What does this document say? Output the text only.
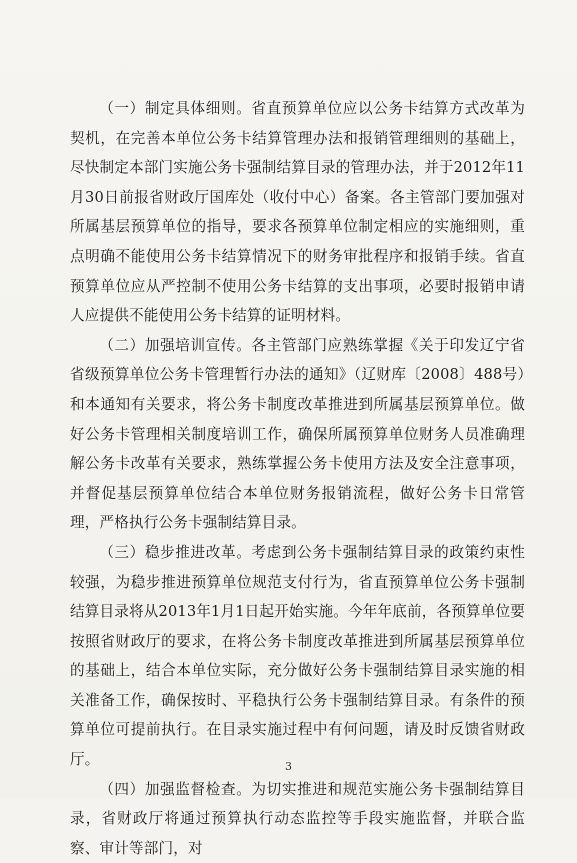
（一）制定具体细则。省直预算单位应以公务卡结算方式改革为契机，在完善本单位公务卡结算管理办法和报销管理细则的基础上，尽快制定本部门实施公务卡强制结算目录的管理办法，并于2012年11月30日前报省财政厅国库处（收付中心）备案。各主管部门要加强对所属基层预算单位的指导，要求各预算单位制定相应的实施细则，重点明确不能使用公务卡结算情况下的财务审批程序和报销手续。省直预算单位应从严控制不使用公务卡结算的支出事项，必要时报销申请人应提供不能使用公务卡结算的证明材料。

（二）加强培训宣传。各主管部门应熟练掌握《关于印发辽宁省省级预算单位公务卡管理暂行办法的通知》（辽财库〔2008〕488号）和本通知有关要求，将公务卡制度改革推进到所属基层预算单位。做好公务卡管理相关制度培训工作，确保所属预算单位财务人员准确理解公务卡改革有关要求，熟练掌握公务卡使用方法及安全注意事项，并督促基层预算单位结合本单位财务报销流程，做好公务卡日常管理，严格执行公务卡强制结算目录。

（三）稳步推进改革。考虑到公务卡强制结算目录的政策约束性较强，为稳步推进预算单位规范支付行为，省直预算单位公务卡强制结算目录将从2013年1月1日起开始实施。今年年底前，各预算单位要按照省财政厅的要求，在将公务卡制度改革推进到所属基层预算单位的基础上，结合本单位实际，充分做好公务卡强制结算目录实施的相关准备工作，确保按时、平稳执行公务卡强制结算目录。有条件的预算单位可提前执行。在目录实施过程中有何问题，请及时反馈省财政厅。

（四）加强监督检查。为切实推进和规范实施公务卡强制结算目录，省财政厅将通过预算执行动态监控等手段实施监督，并联合监察、审计等部门，对

3
